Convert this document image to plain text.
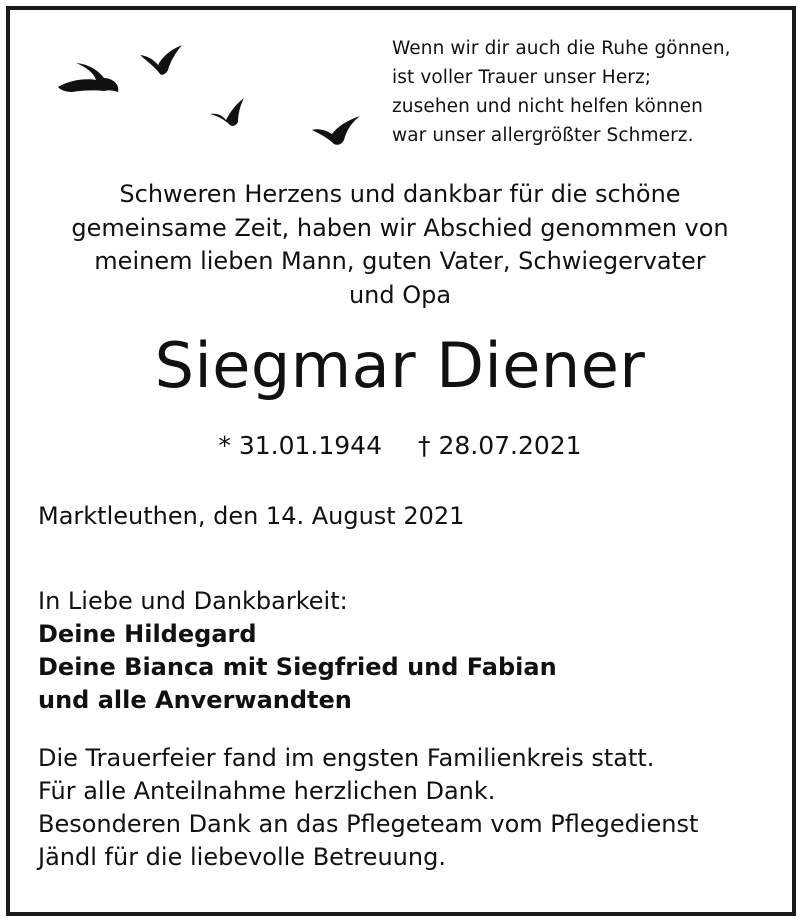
Wenn wir dir auch die Ruhe gönnen,
ist voller Trauer unser Herz;
zusehen und nicht helfen können
war unser allergrößter Schmerz.
Schweren Herzens und dankbar für die schöne
gemeinsame Zeit, haben wir Abschied genommen von
meinem lieben Mann, guten Vater, Schwiegervater
und Opa
Siegmar Diener
* 31.01.1944 † 28.07.2021
Marktleuthen, den 14. August 2021
In Liebe und Dankbarkeit:
Deine Hildegard
Deine Bianca mit Siegfried und Fabian
und alle Anverwandten
Die Trauerfeier fand im engsten Familienkreis statt.
Für alle Anteilnahme herzlichen Dank.
Besonderen Dank an das Pflegeteam vom Pflegedienst
Jändl für die liebevolle Betreuung.
